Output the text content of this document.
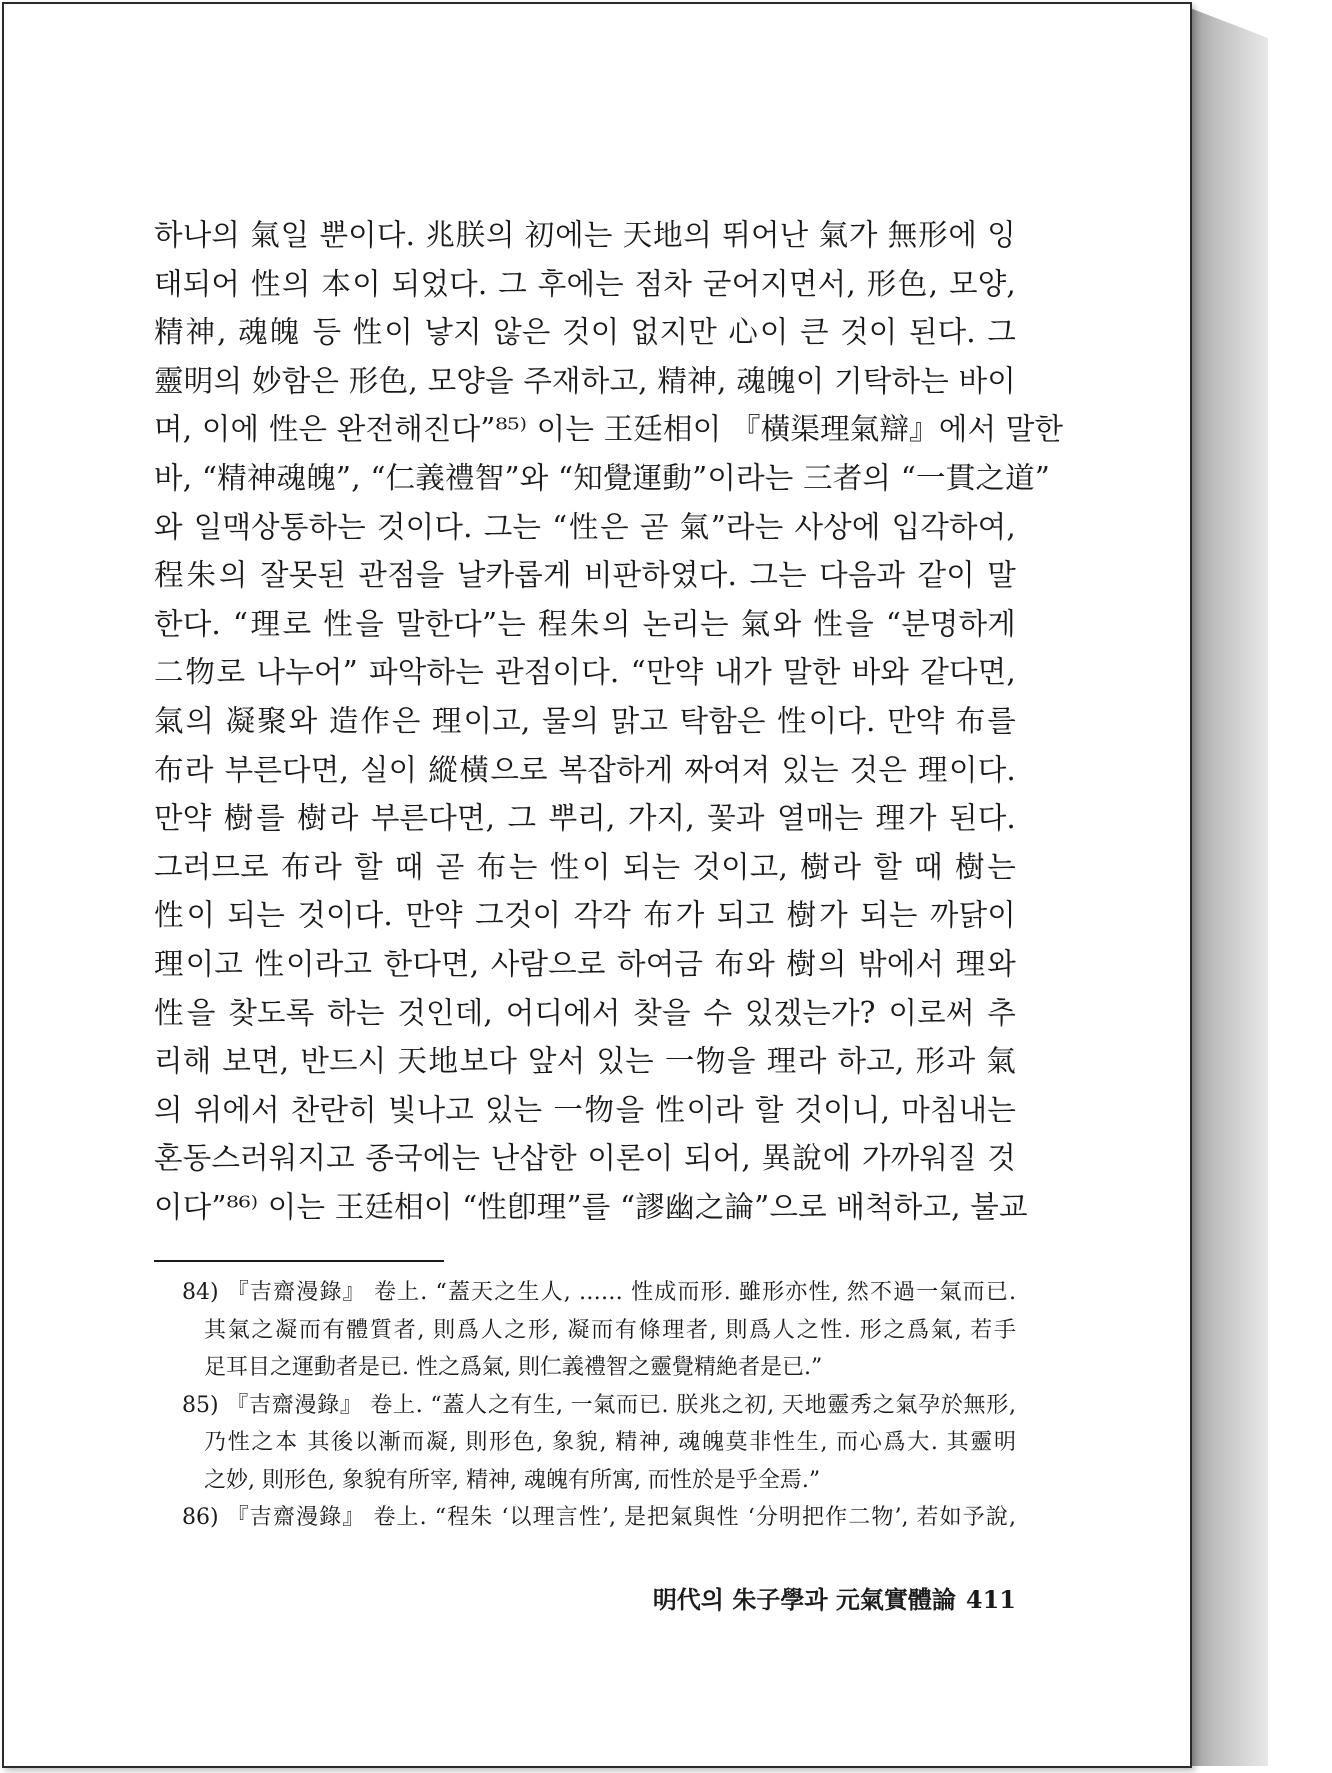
하나의 氣일 뿐이다. 兆朕의 初에는 天地의 뛰어난 氣가 無形에 잉
태되어 性의 本이 되었다. 그 후에는 점차 굳어지면서, 形色, 모양,
精神, 魂魄 등 性이 낳지 않은 것이 없지만 心이 큰 것이 된다. 그
靈明의 妙함은 形色, 모양을 주재하고, 精神, 魂魄이 기탁하는 바이
며, 이에 性은 완전해진다”⁸⁵⁾ 이는 王廷相이 『橫渠理氣辯』에서 말한
바, “精神魂魄”, “仁義禮智”와 “知覺運動”이라는 三者의 “一貫之道”
와 일맥상통하는 것이다. 그는 “性은 곧 氣”라는 사상에 입각하여,
程朱의 잘못된 관점을 날카롭게 비판하였다. 그는 다음과 같이 말
한다. “理로 性을 말한다”는 程朱의 논리는 氣와 性을 “분명하게
二物로 나누어” 파악하는 관점이다. “만약 내가 말한 바와 같다면,
氣의 凝聚와 造作은 理이고, 물의 맑고 탁함은 性이다. 만약 布를
布라 부른다면, 실이 縱橫으로 복잡하게 짜여져 있는 것은 理이다.
만약 樹를 樹라 부른다면, 그 뿌리, 가지, 꽃과 열매는 理가 된다.
그러므로 布라 할 때 곧 布는 性이 되는 것이고, 樹라 할 때 樹는
性이 되는 것이다. 만약 그것이 각각 布가 되고 樹가 되는 까닭이
理이고 性이라고 한다면, 사람으로 하여금 布와 樹의 밖에서 理와
性을 찾도록 하는 것인데, 어디에서 찾을 수 있겠는가? 이로써 추
리해 보면, 반드시 天地보다 앞서 있는 一物을 理라 하고, 形과 氣
의 위에서 찬란히 빛나고 있는 一物을 性이라 할 것이니, 마침내는
혼동스러워지고 종국에는 난삽한 이론이 되어, 異說에 가까워질 것
이다”⁸⁶⁾ 이는 王廷相이 “性卽理”를 “謬幽之論”으로 배척하고, 불교
84) 『吉齋漫錄』 卷上. “蓋天之生人, …… 性成而形. 雖形亦性, 然不過一氣而已.
其氣之凝而有體質者, 則爲人之形, 凝而有條理者, 則爲人之性. 形之爲氣, 若手
足耳目之運動者是已. 性之爲氣, 則仁義禮智之靈覺精絶者是已.”
85) 『吉齋漫錄』 卷上. “蓋人之有生, 一氣而已. 朕兆之初, 天地靈秀之氣孕於無形,
乃性之本 其後以漸而凝, 則形色, 象貌, 精神, 魂魄莫非性生, 而心爲大. 其靈明
之妙, 則形色, 象貌有所宰, 精神, 魂魄有所寓, 而性於是乎全焉.”
86) 『吉齋漫錄』 卷上. “程朱 ‘以理言性’, 是把氣與性 ‘分明把作二物’, 若如予說,
明代의 朱子學과 元氣實體論 411
